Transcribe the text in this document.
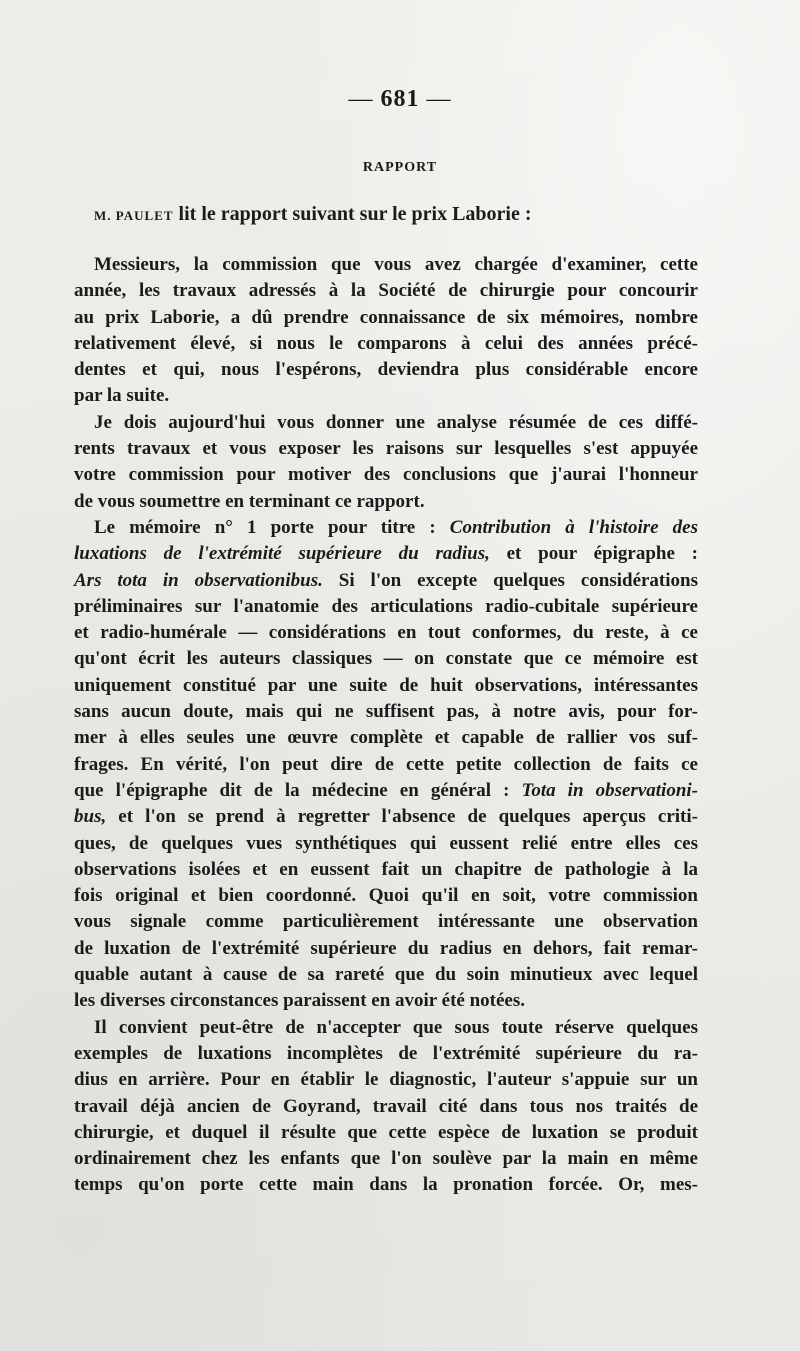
— 681 —
RAPPORT
M. PAULET lit le rapport suivant sur le prix Laborie :
Messieurs, la commission que vous avez chargée d'examiner, cette
année, les travaux adressés à la Société de chirurgie pour concourir
au prix Laborie, a dû prendre connaissance de six mémoires, nombre
relativement élevé, si nous le comparons à celui des années précé-
dentes et qui, nous l'espérons, deviendra plus considérable encore
par la suite.
Je dois aujourd'hui vous donner une analyse résumée de ces diffé-
rents travaux et vous exposer les raisons sur lesquelles s'est appuyée
votre commission pour motiver des conclusions que j'aurai l'honneur
de vous soumettre en terminant ce rapport.
Le mémoire n° 1 porte pour titre : Contribution à l'histoire des
luxations de l'extrémité supérieure du radius, et pour épigraphe :
Ars tota in observationibus. Si l'on excepte quelques considérations
préliminaires sur l'anatomie des articulations radio-cubitale supérieure
et radio-humérale — considérations en tout conformes, du reste, à ce
qu'ont écrit les auteurs classiques — on constate que ce mémoire est
uniquement constitué par une suite de huit observations, intéressantes
sans aucun doute, mais qui ne suffisent pas, à notre avis, pour for-
mer à elles seules une œuvre complète et capable de rallier vos suf-
frages. En vérité, l'on peut dire de cette petite collection de faits ce
que l'épigraphe dit de la médecine en général : Tota in observationi-
bus, et l'on se prend à regretter l'absence de quelques aperçus criti-
ques, de quelques vues synthétiques qui eussent relié entre elles ces
observations isolées et en eussent fait un chapitre de pathologie à la
fois original et bien coordonné. Quoi qu'il en soit, votre commission
vous signale comme particulièrement intéressante une observation
de luxation de l'extrémité supérieure du radius en dehors, fait remar-
quable autant à cause de sa rareté que du soin minutieux avec lequel
les diverses circonstances paraissent en avoir été notées.
Il convient peut-être de n'accepter que sous toute réserve quelques
exemples de luxations incomplètes de l'extrémité supérieure du ra-
dius en arrière. Pour en établir le diagnostic, l'auteur s'appuie sur un
travail déjà ancien de Goyrand, travail cité dans tous nos traités de
chirurgie, et duquel il résulte que cette espèce de luxation se produit
ordinairement chez les enfants que l'on soulève par la main en même
temps qu'on porte cette main dans la pronation forcée. Or, mes-
